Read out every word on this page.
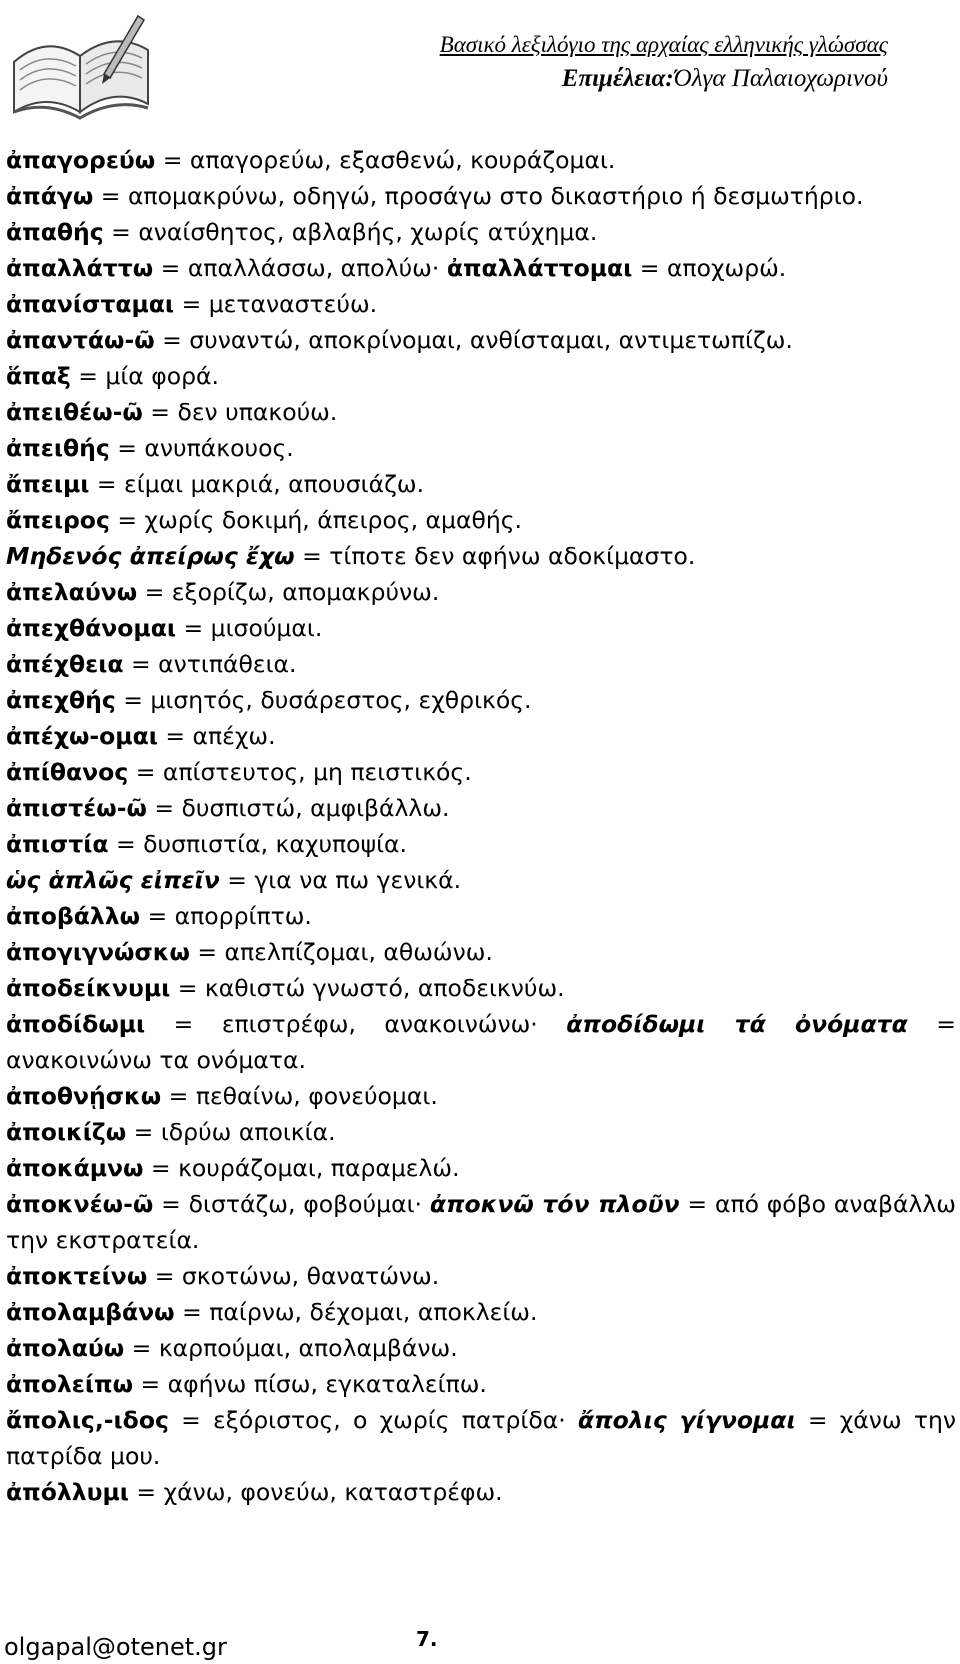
Βασικό λεξιλόγιο της αρχαίας ελληνικής γλώσσας
Επιμέλεια:Όλγα Παλαιοχωρινού
ἀπαγορεύω = απαγορεύω, εξασθενώ, κουράζομαι.
ἀπάγω = απομακρύνω, οδηγώ, προσάγω στο δικαστήριο ή δεσμωτήριο.
ἀπαθής = αναίσθητος, αβλαβής, χωρίς ατύχημα.
ἀπαλλάττω = απαλλάσσω, απολύω· ἀπαλλάττομαι = αποχωρώ.
ἀπανίσταμαι = μεταναστεύω.
ἀπαντάω-ῶ = συναντώ, αποκρίνομαι, ανθίσταμαι, αντιμετωπίζω.
ἅπαξ = μία φορά.
ἀπειθέω-ῶ = δεν υπακούω.
ἀπειθής = ανυπάκουος.
ἄπειμι = είμαι μακριά, απουσιάζω.
ἄπειρος = χωρίς δοκιμή, άπειρος, αμαθής.
Μηδενός ἀπείρως ἔχω = τίποτε δεν αφήνω αδοκίμαστο.
ἀπελαύνω = εξορίζω, απομακρύνω.
ἀπεχθάνομαι = μισούμαι.
ἀπέχθεια = αντιπάθεια.
ἀπεχθής = μισητός, δυσάρεστος, εχθρικός.
ἀπέχω-ομαι = απέχω.
ἀπίθανος = απίστευτος, μη πειστικός.
ἀπιστέω-ῶ = δυσπιστώ, αμφιβάλλω.
ἀπιστία = δυσπιστία, καχυποψία.
ὡς ἁπλῶς εἰπεῖν = για να πω γενικά.
ἀποβάλλω = απορρίπτω.
ἀπογιγνώσκω = απελπίζομαι, αθωώνω.
ἀποδείκνυμι = καθιστώ γνωστό, αποδεικνύω.
ἀποδίδωμι = επιστρέφω, ανακοινώνω· ἀποδίδωμι τά ὀνόματα = ανακοινώνω τα ονόματα.
ἀποθνῄσκω = πεθαίνω, φονεύομαι.
ἀποικίζω = ιδρύω αποικία.
ἀποκάμνω = κουράζομαι, παραμελώ.
ἀποκνέω-ῶ = διστάζω, φοβούμαι· ἀποκνῶ τόν πλοῦν = από φόβο αναβάλλω την εκστρατεία.
ἀποκτείνω = σκοτώνω, θανατώνω.
ἀπολαμβάνω = παίρνω, δέχομαι, αποκλείω.
ἀπολαύω = καρπούμαι, απολαμβάνω.
ἀπολείπω = αφήνω πίσω, εγκαταλείπω.
ἄπολις,-ιδος = εξόριστος, ο χωρίς πατρίδα· ἄπολις γίγνομαι = χάνω την πατρίδα μου.
ἀπόλλυμι = χάνω, φονεύω, καταστρέφω.
olgapal@otenet.gr	7.
